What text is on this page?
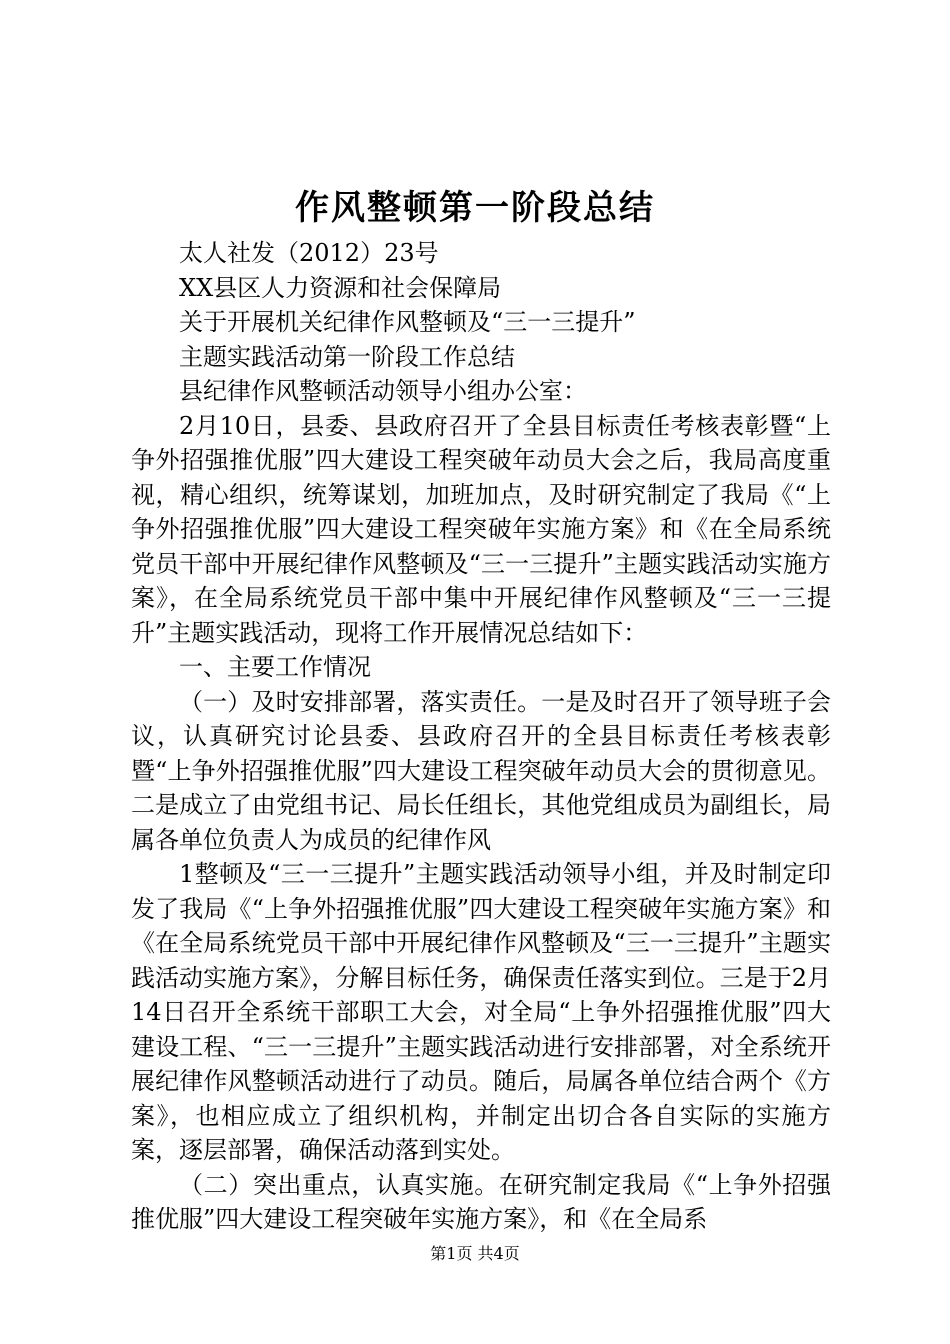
作风整顿第一阶段总结

太人社发（2012）23号

XX县区人力资源和社会保障局

关于开展机关纪律作风整顿及“三一三提升”

主题实践活动第一阶段工作总结

县纪律作风整顿活动领导小组办公室：

2月10日，县委、县政府召开了全县目标责任考核表彰暨“上争外招强推优服”四大建设工程突破年动员大会之后，我局高度重视，精心组织，统筹谋划，加班加点，及时研究制定了我局《“上争外招强推优服”四大建设工程突破年实施方案》和《在全局系统党员干部中开展纪律作风整顿及“三一三提升”主题实践活动实施方案》，在全局系统党员干部中集中开展纪律作风整顿及“三一三提升”主题实践活动，现将工作开展情况总结如下：

一、主要工作情况

（一）及时安排部署，落实责任。一是及时召开了领导班子会议，认真研究讨论县委、县政府召开的全县目标责任考核表彰暨“上争外招强推优服”四大建设工程突破年动员大会的贯彻意见。二是成立了由党组书记、局长任组长，其他党组成员为副组长，局属各单位负责人为成员的纪律作风

1整顿及“三一三提升”主题实践活动领导小组，并及时制定印发了我局《“上争外招强推优服”四大建设工程突破年实施方案》和《在全局系统党员干部中开展纪律作风整顿及“三一三提升”主题实践活动实施方案》，分解目标任务，确保责任落实到位。三是于2月14日召开全系统干部职工大会，对全局“上争外招强推优服”四大建设工程、“三一三提升”主题实践活动进行安排部署，对全系统开展纪律作风整顿活动进行了动员。随后，局属各单位结合两个《方案》，也相应成立了组织机构，并制定出切合各自实际的实施方案，逐层部署，确保活动落到实处。

（二）突出重点，认真实施。在研究制定我局《“上争外招强推优服”四大建设工程突破年实施方案》，和《在全局系

第1页 共4页
